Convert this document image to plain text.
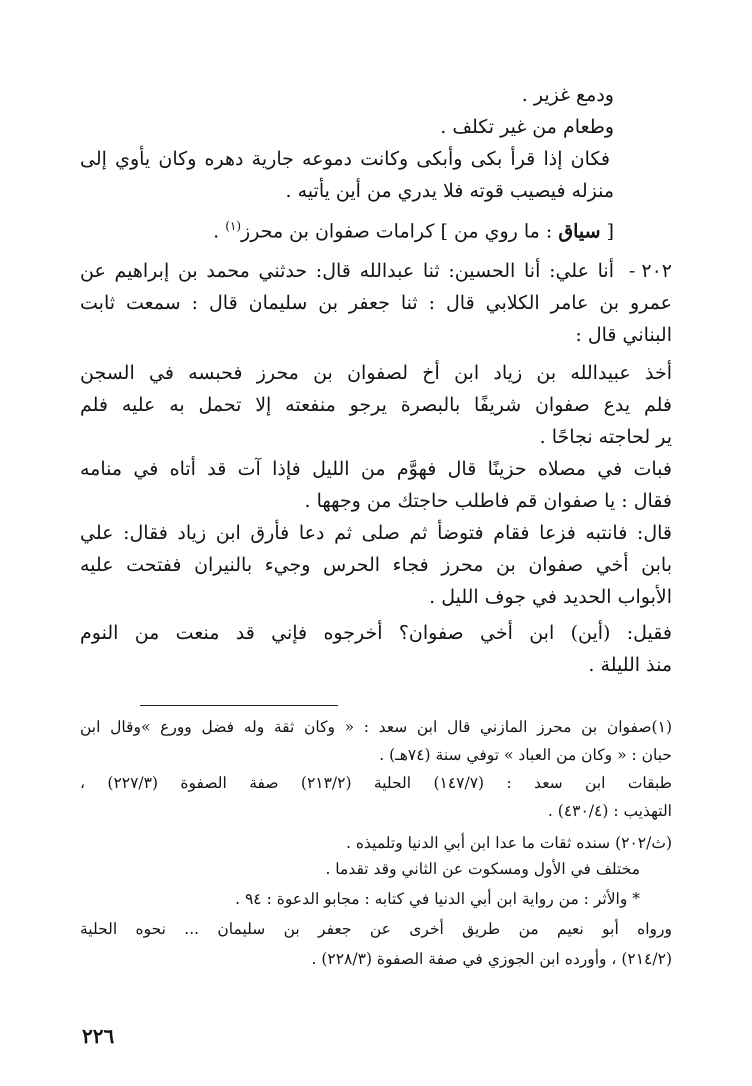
ودمع غزير .
وطعام من غير تكلف .
فكان إذا قرأ بكى وأبكى وكانت دموعه جارية دهره وكان يأوي إلى
منزله فيصيب قوته فلا يدري من أين يأتيه .
[ سياق : ما روي من ] كرامات صفوان بن محرز$^{(١)}$ .
٢٠٢ -
أنا علي: أنا الحسين: ثنا عبدالله قال: حدثني محمد بن إبراهيم عن
عمرو بن عامر الكلابي قال : ثنا جعفر بن سليمان قال : سمعت ثابت
البناني قال :
أخذ عبيدالله بن زياد ابن أخ لصفوان بن محرز فحبسه في السجن
فلم يدع صفوان شريفًا بالبصرة يرجو منفعته إلا تحمل به عليه فلم
ير لحاجته نجاحًا .
فبات في مصلاه حزينًا قال فهوَّم من الليل فإذا آت قد أتاه في منامه
فقال : يا صفوان قم فاطلب حاجتك من وجهها .
قال: فانتبه فزعا فقام فتوضأ ثم صلى ثم دعا فأرق ابن زياد فقال: علي
بابن أخي صفوان بن محرز فجاء الحرس وجيء بالنيران ففتحت عليه
الأبواب الحديد في جوف الليل .
فقيل: (أين) ابن أخي صفوان؟ أخرجوه فإني قد منعت من النوم
منذ الليلة .
(١)صفوان بن محرز المازني قال ابن سعد : « وكان ثقة وله فضل وورع »وقال ابن
حبان : « وكان من العباد » توفي سنة (٧٤هـ) .
طبقات ابن سعد : (١٤٧/٧) الحلية (٢١٣/٢) صفة الصفوة (٢٢٧/٣) ،
التهذيب : (٤٣٠/٤) .
(ث/٢٠٢) سنده ثقات ما عدا ابن أبي الدنيا وتلميذه .
مختلف في الأول ومسكوت عن الثاني وقد تقدما .
* والأثر : من رواية ابن أبي الدنيا في كتابه : مجابو الدعوة : ٩٤ .
ورواه أبو نعيم من طريق أخرى عن جعفر بن سليمان ... نحوه الحلية
(٢١٤/٢) ، وأورده ابن الجوزي في صفة الصفوة (٢٢٨/٣) .
٢٢٦
